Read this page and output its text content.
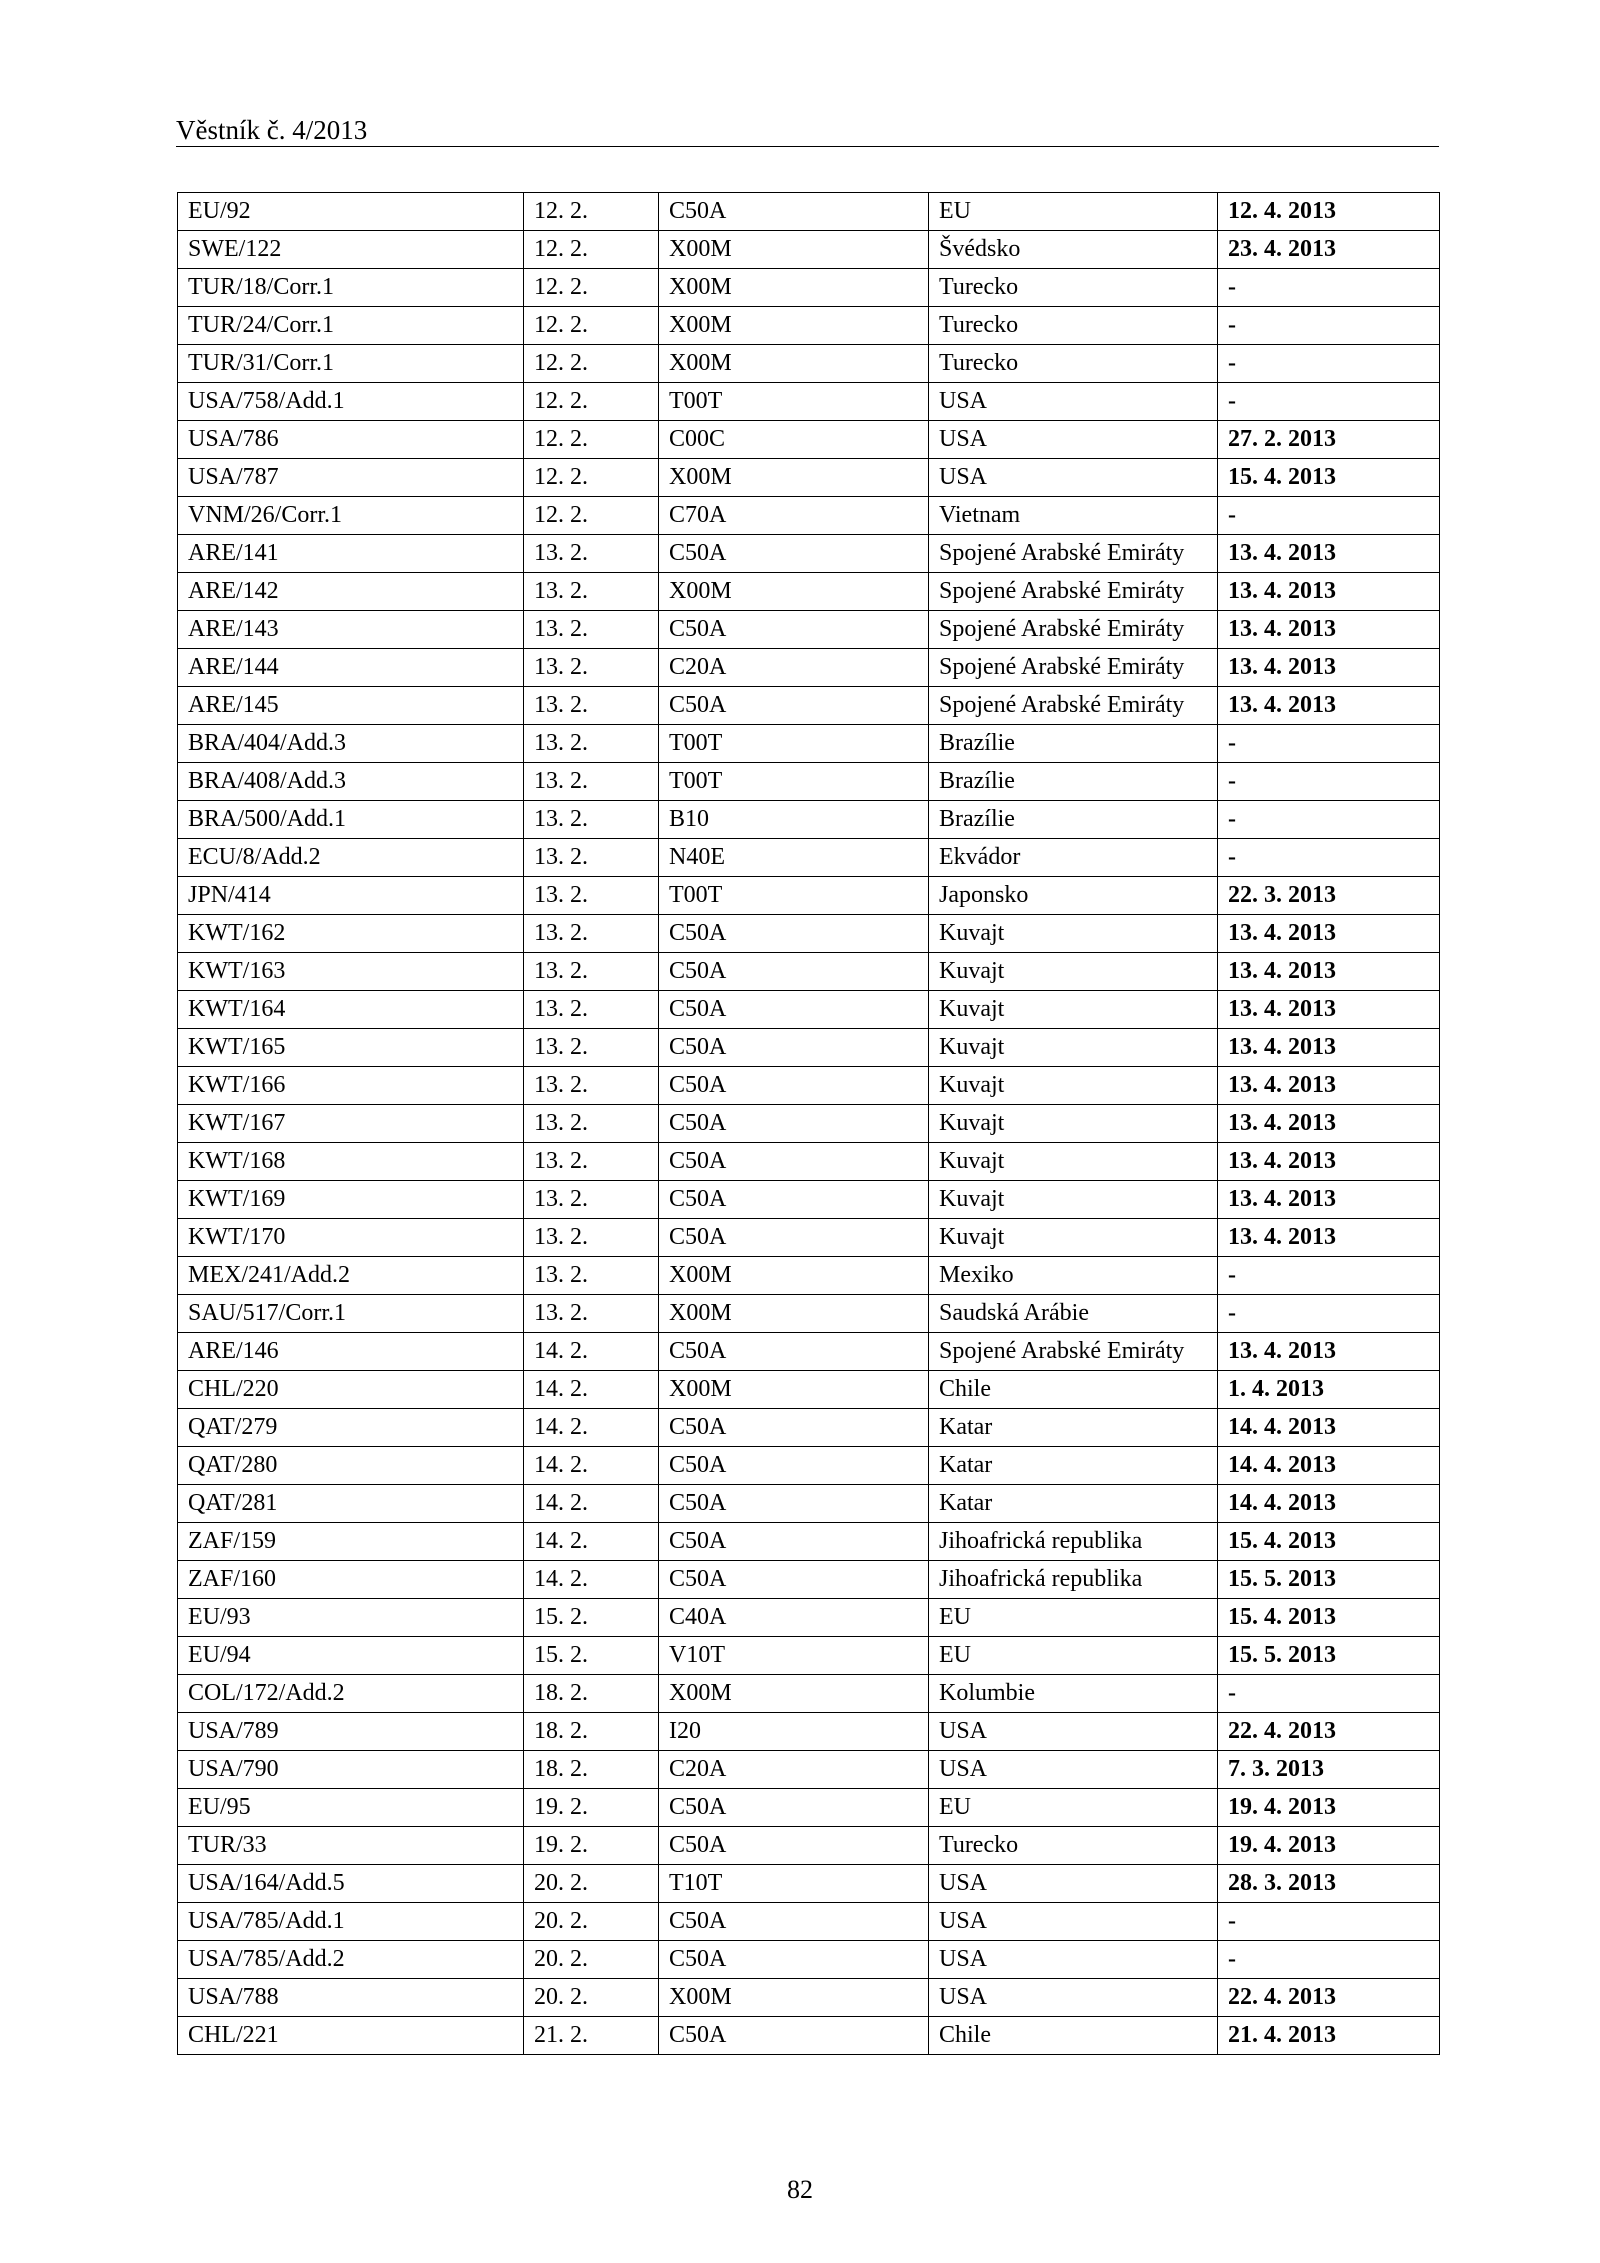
Věstník č. 4/2013
EU/92	12. 2.	C50A	EU	12. 4. 2013
SWE/122	12. 2.	X00M	Švédsko	23. 4. 2013
TUR/18/Corr.1	12. 2.	X00M	Turecko	-
TUR/24/Corr.1	12. 2.	X00M	Turecko	-
TUR/31/Corr.1	12. 2.	X00M	Turecko	-
USA/758/Add.1	12. 2.	T00T	USA	-
USA/786	12. 2.	C00C	USA	27. 2. 2013
USA/787	12. 2.	X00M	USA	15. 4. 2013
VNM/26/Corr.1	12. 2.	C70A	Vietnam	-
ARE/141	13. 2.	C50A	Spojené Arabské Emiráty	13. 4. 2013
ARE/142	13. 2.	X00M	Spojené Arabské Emiráty	13. 4. 2013
ARE/143	13. 2.	C50A	Spojené Arabské Emiráty	13. 4. 2013
ARE/144	13. 2.	C20A	Spojené Arabské Emiráty	13. 4. 2013
ARE/145	13. 2.	C50A	Spojené Arabské Emiráty	13. 4. 2013
BRA/404/Add.3	13. 2.	T00T	Brazílie	-
BRA/408/Add.3	13. 2.	T00T	Brazílie	-
BRA/500/Add.1	13. 2.	B10	Brazílie	-
ECU/8/Add.2	13. 2.	N40E	Ekvádor	-
JPN/414	13. 2.	T00T	Japonsko	22. 3. 2013
KWT/162	13. 2.	C50A	Kuvajt	13. 4. 2013
KWT/163	13. 2.	C50A	Kuvajt	13. 4. 2013
KWT/164	13. 2.	C50A	Kuvajt	13. 4. 2013
KWT/165	13. 2.	C50A	Kuvajt	13. 4. 2013
KWT/166	13. 2.	C50A	Kuvajt	13. 4. 2013
KWT/167	13. 2.	C50A	Kuvajt	13. 4. 2013
KWT/168	13. 2.	C50A	Kuvajt	13. 4. 2013
KWT/169	13. 2.	C50A	Kuvajt	13. 4. 2013
KWT/170	13. 2.	C50A	Kuvajt	13. 4. 2013
MEX/241/Add.2	13. 2.	X00M	Mexiko	-
SAU/517/Corr.1	13. 2.	X00M	Saudská Arábie	-
ARE/146	14. 2.	C50A	Spojené Arabské Emiráty	13. 4. 2013
CHL/220	14. 2.	X00M	Chile	1. 4. 2013
QAT/279	14. 2.	C50A	Katar	14. 4. 2013
QAT/280	14. 2.	C50A	Katar	14. 4. 2013
QAT/281	14. 2.	C50A	Katar	14. 4. 2013
ZAF/159	14. 2.	C50A	Jihoafrická republika	15. 4. 2013
ZAF/160	14. 2.	C50A	Jihoafrická republika	15. 5. 2013
EU/93	15. 2.	C40A	EU	15. 4. 2013
EU/94	15. 2.	V10T	EU	15. 5. 2013
COL/172/Add.2	18. 2.	X00M	Kolumbie	-
USA/789	18. 2.	I20	USA	22. 4. 2013
USA/790	18. 2.	C20A	USA	7. 3. 2013
EU/95	19. 2.	C50A	EU	19. 4. 2013
TUR/33	19. 2.	C50A	Turecko	19. 4. 2013
USA/164/Add.5	20. 2.	T10T	USA	28. 3. 2013
USA/785/Add.1	20. 2.	C50A	USA	-
USA/785/Add.2	20. 2.	C50A	USA	-
USA/788	20. 2.	X00M	USA	22. 4. 2013
CHL/221	21. 2.	C50A	Chile	21. 4. 2013
82
